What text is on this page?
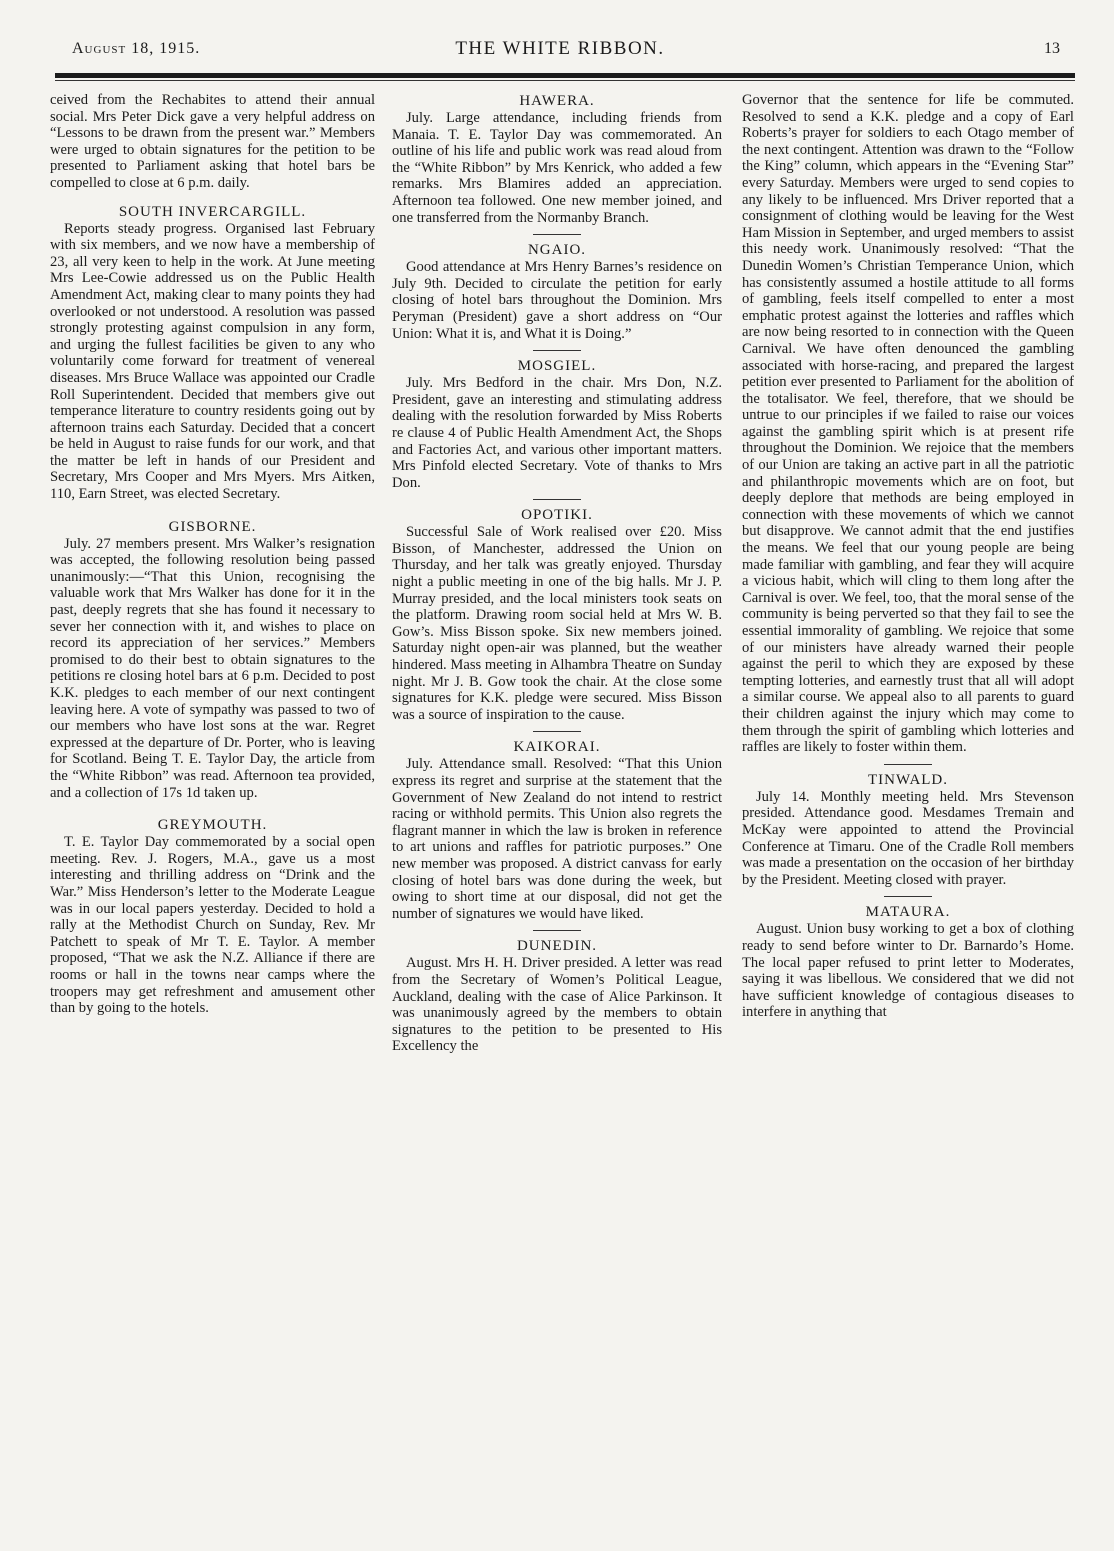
August 18, 1915.	THE WHITE RIBBON.	13

ceived from the Rechabites to attend their annual social. Mrs Peter Dick gave a very helpful address on “Lessons to be drawn from the present war.” Members were urged to obtain signatures for the petition to be presented to Parliament asking that hotel bars be compelled to close at 6 p.m. daily.

SOUTH INVERCARGILL.

Reports steady progress. Organised last February with six members, and we now have a membership of 23, all very keen to help in the work. At June meeting Mrs Lee-Cowie addressed us on the Public Health Amendment Act, making clear to many points they had overlooked or not understood. A resolution was passed strongly protesting against compulsion in any form, and urging the fullest facilities be given to any who voluntarily come forward for treatment of venereal diseases. Mrs Bruce Wallace was appointed our Cradle Roll Superintendent. Decided that members give out temperance literature to country residents going out by afternoon trains each Saturday. Decided that a concert be held in August to raise funds for our work, and that the matter be left in hands of our President and Secretary, Mrs Cooper and Mrs Myers. Mrs Aitken, 110, Earn Street, was elected Secretary.

GISBORNE.

July. 27 members present. Mrs Walker’s resignation was accepted, the following resolution being passed unanimously:—“That this Union, recognising the valuable work that Mrs Walker has done for it in the past, deeply regrets that she has found it necessary to sever her connection with it, and wishes to place on record its appreciation of her services.” Members promised to do their best to obtain signatures to the petitions re closing hotel bars at 6 p.m. Decided to post K.K. pledges to each member of our next contingent leaving here. A vote of sympathy was passed to two of our members who have lost sons at the war. Regret expressed at the departure of Dr. Porter, who is leaving for Scotland. Being T. E. Taylor Day, the article from the “White Ribbon” was read. Afternoon tea provided, and a collection of 17s 1d taken up.

GREYMOUTH.

T. E. Taylor Day commemorated by a social open meeting. Rev. J. Rogers, M.A., gave us a most interesting and thrilling address on “Drink and the War.” Miss Henderson’s letter to the Moderate League was in our local papers yesterday. Decided to hold a rally at the Methodist Church on Sunday, Rev. Mr Patchett to speak of Mr T. E. Taylor. A member proposed, “That we ask the N.Z. Alliance if there are rooms or hall in the towns near camps where the troopers may get refreshment and amusement other than by going to the hotels.

HAWERA.

July. Large attendance, including friends from Manaia. T. E. Taylor Day was commemorated. An outline of his life and public work was read aloud from the “White Ribbon” by Mrs Kenrick, who added a few remarks. Mrs Blamires added an appreciation. Afternoon tea followed. One new member joined, and one transferred from the Normanby Branch.

NGAIO.

Good attendance at Mrs Henry Barnes’s residence on July 9th. Decided to circulate the petition for early closing of hotel bars throughout the Dominion. Mrs Peryman (President) gave a short address on “Our Union: What it is, and What it is Doing.”

MOSGIEL.

July. Mrs Bedford in the chair. Mrs Don, N.Z. President, gave an interesting and stimulating address dealing with the resolution forwarded by Miss Roberts re clause 4 of Public Health Amendment Act, the Shops and Factories Act, and various other important matters. Mrs Pinfold elected Secretary. Vote of thanks to Mrs Don.

OPOTIKI.

Successful Sale of Work realised over £20. Miss Bisson, of Manchester, addressed the Union on Thursday, and her talk was greatly enjoyed. Thursday night a public meeting in one of the big halls. Mr J. P. Murray presided, and the local ministers took seats on the platform. Drawing room social held at Mrs W. B. Gow’s. Miss Bisson spoke. Six new members joined. Saturday night open-air was planned, but the weather hindered. Mass meeting in Alhambra Theatre on Sunday night. Mr J. B. Gow took the chair. At the close some signatures for K.K. pledge were secured. Miss Bisson was a source of inspiration to the cause.

KAIKORAI.

July. Attendance small. Resolved: “That this Union express its regret and surprise at the statement that the Government of New Zealand do not intend to restrict racing or withhold permits. This Union also regrets the flagrant manner in which the law is broken in reference to art unions and raffles for patriotic purposes.” One new member was proposed. A district canvass for early closing of hotel bars was done during the week, but owing to short time at our disposal, did not get the number of signatures we would have liked.

DUNEDIN.

August. Mrs H. H. Driver presided. A letter was read from the Secretary of Women’s Political League, Auckland, dealing with the case of Alice Parkinson. It was unanimously agreed by the members to obtain signatures to the petition to be presented to His Excellency the

Governor that the sentence for life be commuted. Resolved to send a K.K. pledge and a copy of Earl Roberts’s prayer for soldiers to each Otago member of the next contingent. Attention was drawn to the “Follow the King” column, which appears in the “Evening Star” every Saturday. Members were urged to send copies to any likely to be influenced. Mrs Driver reported that a consignment of clothing would be leaving for the West Ham Mission in September, and urged members to assist this needy work. Unanimously resolved: “That the Dunedin Women’s Christian Temperance Union, which has consistently assumed a hostile attitude to all forms of gambling, feels itself compelled to enter a most emphatic protest against the lotteries and raffles which are now being resorted to in connection with the Queen Carnival. We have often denounced the gambling associated with horse-racing, and prepared the largest petition ever presented to Parliament for the abolition of the totalisator. We feel, therefore, that we should be untrue to our principles if we failed to raise our voices against the gambling spirit which is at present rife throughout the Dominion. We rejoice that the members of our Union are taking an active part in all the patriotic and philanthropic movements which are on foot, but deeply deplore that methods are being employed in connection with these movements of which we cannot but disapprove. We cannot admit that the end justifies the means. We feel that our young people are being made familiar with gambling, and fear they will acquire a vicious habit, which will cling to them long after the Carnival is over. We feel, too, that the moral sense of the community is being perverted so that they fail to see the essential immorality of gambling. We rejoice that some of our ministers have already warned their people against the peril to which they are exposed by these tempting lotteries, and earnestly trust that all will adopt a similar course. We appeal also to all parents to guard their children against the injury which may come to them through the spirit of gambling which lotteries and raffles are likely to foster within them.

TINWALD.

July 14. Monthly meeting held. Mrs Stevenson presided. Attendance good. Mesdames Tremain and McKay were appointed to attend the Provincial Conference at Timaru. One of the Cradle Roll members was made a presentation on the occasion of her birthday by the President. Meeting closed with prayer.

MATAURA.

August. Union busy working to get a box of clothing ready to send before winter to Dr. Barnardo’s Home. The local paper refused to print letter to Moderates, saying it was libellous. We considered that we did not have sufficient knowledge of contagious diseases to interfere in anything that
